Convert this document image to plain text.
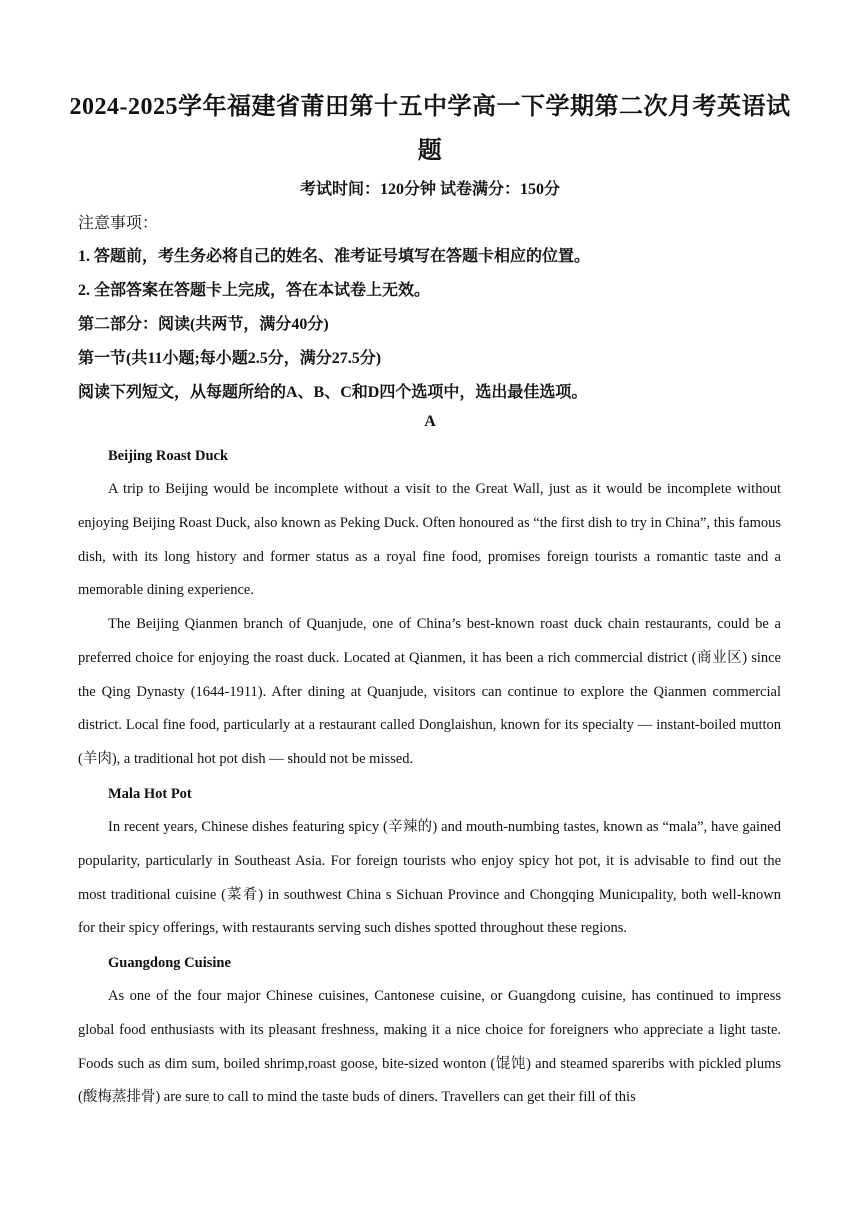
2024-2025学年福建省莆田第十五中学高一下学期第二次月考英语试
题
考试时间：120分钟 试卷满分：150分
注意事项：
1. 答题前，考生务必将自己的姓名、准考证号填写在答题卡相应的位置。
2. 全部答案在答题卡上完成，答在本试卷上无效。
第二部分：阅读(共两节，满分40分)
第一节(共11小题;每小题2.5分，满分27.5分)
阅读下列短文，从每题所给的A、B、C和D四个选项中，选出最佳选项。
A
Beijing Roast Duck

A trip to Beijing would be incomplete without a visit to the Great Wall, just as it would be incomplete without enjoying Beijing Roast Duck, also known as Peking Duck. Often honoured as “the first dish to try in China”, this famous dish, with its long history and former status as a royal fine food, promises foreign tourists a romantic taste and a memorable dining experience.

The Beijing Qianmen branch of Quanjude, one of China’s best-known roast duck chain restaurants, could be a preferred choice for enjoying the roast duck. Located at Qianmen, it has been a rich commercial district (商业区) since the Qing Dynasty (1644-1911). After dining at Quanjude, visitors can continue to explore the Qianmen commercial district. Local fine food, particularly at a restaurant called Donglaishun, known for its specialty — instant-boiled mutton (羊肉), a traditional hot pot dish — should not be missed.

Mala Hot Pot

In recent years, Chinese dishes featuring spicy (辛辣的) and mouth-numbing tastes, known as “mala”, have gained popularity, particularly in Southeast Asia. For foreign tourists who enjoy spicy hot pot, it is advisable to find out the most traditional cuisine (菜肴) in southwest China s Sichuan Province and Chongqing Municıpality, both well-known for their spicy offerings, with restaurants serving such dishes spotted throughout these regions.

Guangdong Cuisine

As one of the four major Chinese cuisines, Cantonese cuisine, or Guangdong cuisine, has continued to impress global food enthusiasts with its pleasant freshness, making it a nice choice for foreigners who appreciate a light taste. Foods such as dim sum, boiled shrimp,roast goose, bite-sized wonton (馄饨) and steamed spareribs with pickled plums (酸梅蒸排骨) are sure to call to mind the taste buds of diners. Travellers can get their fill of this
